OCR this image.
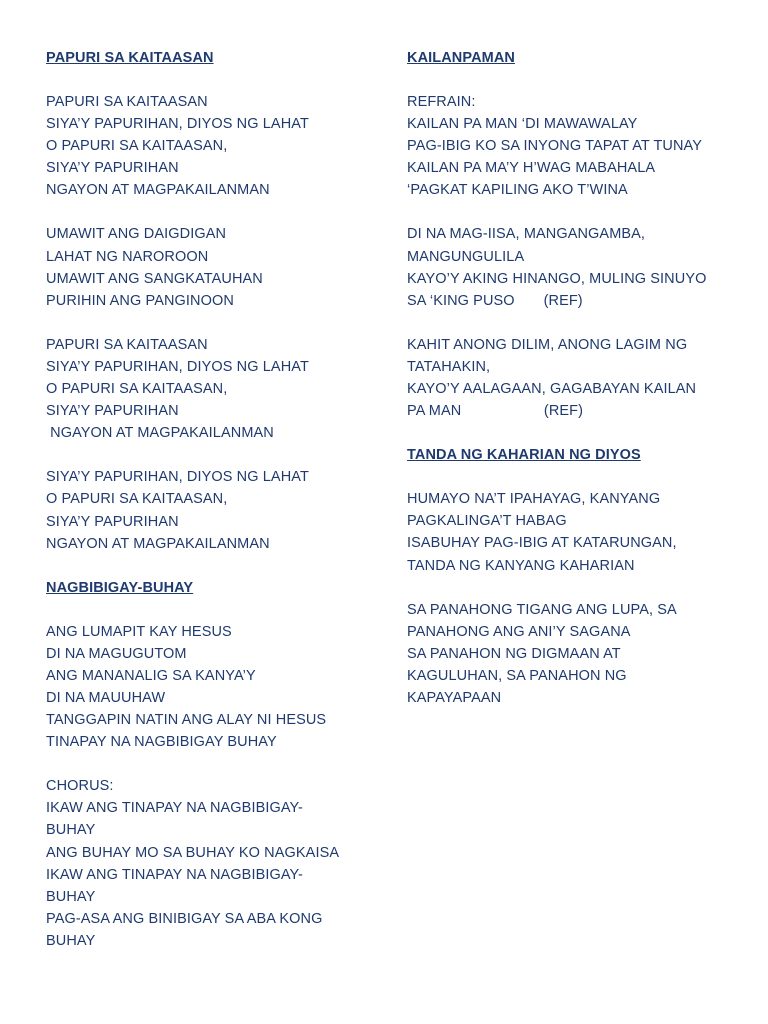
PAPURI SA KAITAASAN
PAPURI SA KAITAASAN
SIYA’Y PAPURIHAN, DIYOS NG LAHAT
O PAPURI SA KAITAASAN,
SIYA’Y PAPURIHAN
NGAYON AT MAGPAKAILANMAN
UMAWIT ANG DAIGDIGAN
LAHAT NG NAROROON
UMAWIT ANG SANGKATAUHAN
PURIHIN ANG PANGINOON
PAPURI SA KAITAASAN
SIYA’Y PAPURIHAN, DIYOS NG LAHAT
O PAPURI SA KAITAASAN,
SIYA’Y PAPURIHAN
NGAYON AT MAGPAKAILANMAN
SIYA’Y PAPURIHAN, DIYOS NG LAHAT
O PAPURI SA KAITAASAN,
SIYA’Y PAPURIHAN
NGAYON AT MAGPAKAILANMAN
NAGBIBIGAY-BUHAY
ANG LUMAPIT KAY HESUS
DI NA MAGUGUTOM
ANG MANANALIG SA KANYA’Y
DI NA MAUUHAW
TANGGAPIN NATIN ANG ALAY NI HESUS
TINAPAY NA NAGBIBIGAY BUHAY
CHORUS:
IKAW ANG TINAPAY NA NAGBIBIGAY-
BUHAY
ANG BUHAY MO SA BUHAY KO NAGKAISA
IKAW ANG TINAPAY NA NAGBIBIGAY-
BUHAY
PAG-ASA ANG BINIBIGAY SA ABA KONG
BUHAY
KAILANPAMAN
REFRAIN:
KAILAN PA MAN ‘DI MAWAWALAY
PAG-IBIG KO SA INYONG TAPAT AT TUNAY
KAILAN PA MA’Y H’WAG MABAHALA
‘PAGKAT KAPILING AKO T’WINA
DI NA MAG-IISA, MANGANGAMBA,
MANGUNGULILA
KAYO’Y AKING HINANGO, MULING SINUYO
SA ‘KING PUSO       (REF)
KAHIT ANONG DILIM, ANONG LAGIM NG
TATAHAKIN,
KAYO’Y AALAGAAN, GAGABAYAN KAILAN
PA MAN                    (REF)
TANDA NG KAHARIAN NG DIYOS
HUMAYO NA’T IPAHAYAG, KANYANG
PAGKALINGA’T HABAG
ISABUHAY PAG-IBIG AT KATARUNGAN,
TANDA NG KANYANG KAHARIAN
SA PANAHONG TIGANG ANG LUPA, SA
PANAHONG ANG ANI’Y SAGANA
SA PANAHON NG DIGMAAN AT
KAGULUHAN, SA PANAHON NG
KAPAYAPAAN
